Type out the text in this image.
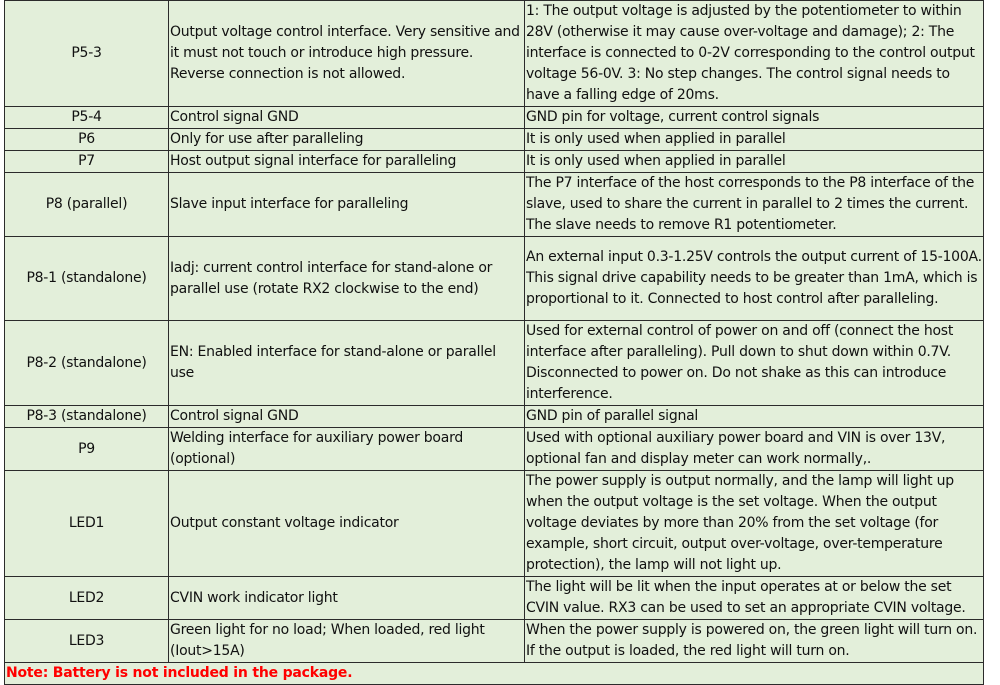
P5-3	Output voltage control interface. Very sensitive and it must not touch or introduce high pressure. Reverse connection is not allowed.	1: The output voltage is adjusted by the potentiometer to within 28V (otherwise it may cause over-voltage and damage); 2: The interface is connected to 0-2V corresponding to the control output voltage 56-0V. 3: No step changes. The control signal needs to have a falling edge of 20ms.
P5-4	Control signal GND	GND pin for voltage, current control signals
P6	Only for use after paralleling	It is only used when applied in parallel
P7	Host output signal interface for paralleling	It is only used when applied in parallel
P8 (parallel)	Slave input interface for paralleling	The P7 interface of the host corresponds to the P8 interface of the slave, used to share the current in parallel to 2 times the current. The slave needs to remove R1 potentiometer.
P8-1 (standalone)	Iadj: current control interface for stand-alone or parallel use (rotate RX2 clockwise to the end)	An external input 0.3-1.25V controls the output current of 15-100A. This signal drive capability needs to be greater than 1mA, which is proportional to it. Connected to host control after paralleling.
P8-2 (standalone)	EN: Enabled interface for stand-alone or parallel use	Used for external control of power on and off (connect the host interface after paralleling). Pull down to shut down within 0.7V. Disconnected to power on. Do not shake as this can introduce interference.
P8-3 (standalone)	Control signal GND	GND pin of parallel signal
P9	Welding interface for auxiliary power board (optional)	Used with optional auxiliary power board and VIN is over 13V, optional fan and display meter can work normally,.
LED1	Output constant voltage indicator	The power supply is output normally, and the lamp will light up when the output voltage is the set voltage. When the output voltage deviates by more than 20% from the set voltage (for example, short circuit, output over-voltage, over-temperature protection), the lamp will not light up.
LED2	CVIN work indicator light	The light will be lit when the input operates at or below the set CVIN value. RX3 can be used to set an appropriate CVIN voltage.
LED3	Green light for no load; When loaded, red light (Iout>15A)	When the power supply is powered on, the green light will turn on. If the output is loaded, the red light will turn on.
Note: Battery is not included in the package.		
